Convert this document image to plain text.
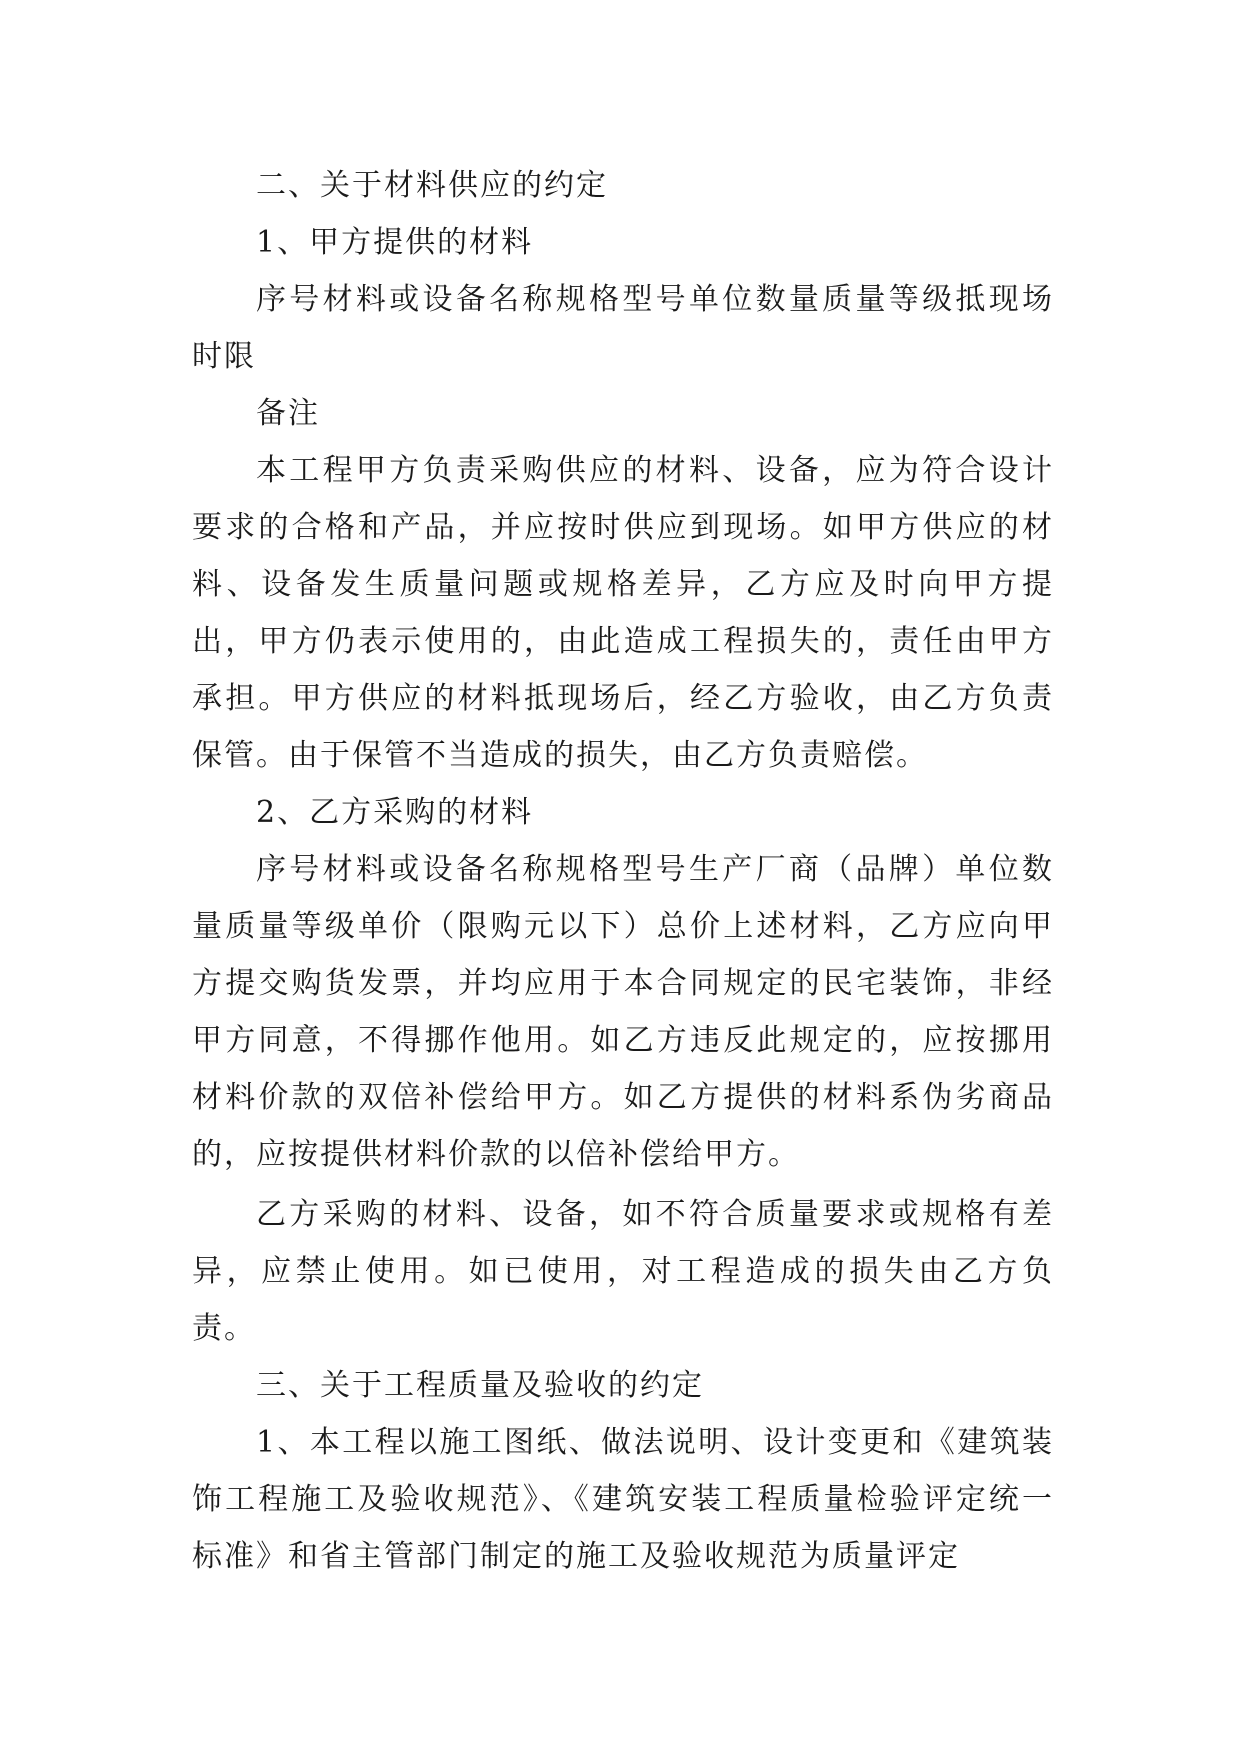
二、关于材料供应的约定

1、甲方提供的材料

序号材料或设备名称规格型号单位数量质量等级抵现场时限

备注

本工程甲方负责采购供应的材料、设备，应为符合设计要求的合格和产品，并应按时供应到现场。如甲方供应的材料、设备发生质量问题或规格差异，乙方应及时向甲方提出，甲方仍表示使用的，由此造成工程损失的，责任由甲方承担。甲方供应的材料抵现场后，经乙方验收，由乙方负责保管。由于保管不当造成的损失，由乙方负责赔偿。

2、乙方采购的材料

序号材料或设备名称规格型号生产厂商（品牌）单位数量质量等级单价（限购元以下）总价上述材料，乙方应向甲方提交购货发票，并均应用于本合同规定的民宅装饰，非经甲方同意，不得挪作他用。如乙方违反此规定的，应按挪用材料价款的双倍补偿给甲方。如乙方提供的材料系伪劣商品的，应按提供材料价款的以倍补偿给甲方。

乙方采购的材料、设备，如不符合质量要求或规格有差异，应禁止使用。如已使用，对工程造成的损失由乙方负责。

三、关于工程质量及验收的约定

1、本工程以施工图纸、做法说明、设计变更和《建筑装饰工程施工及验收规范》、《建筑安装工程质量检验评定统一标准》和省主管部门制定的施工及验收规范为质量评定
